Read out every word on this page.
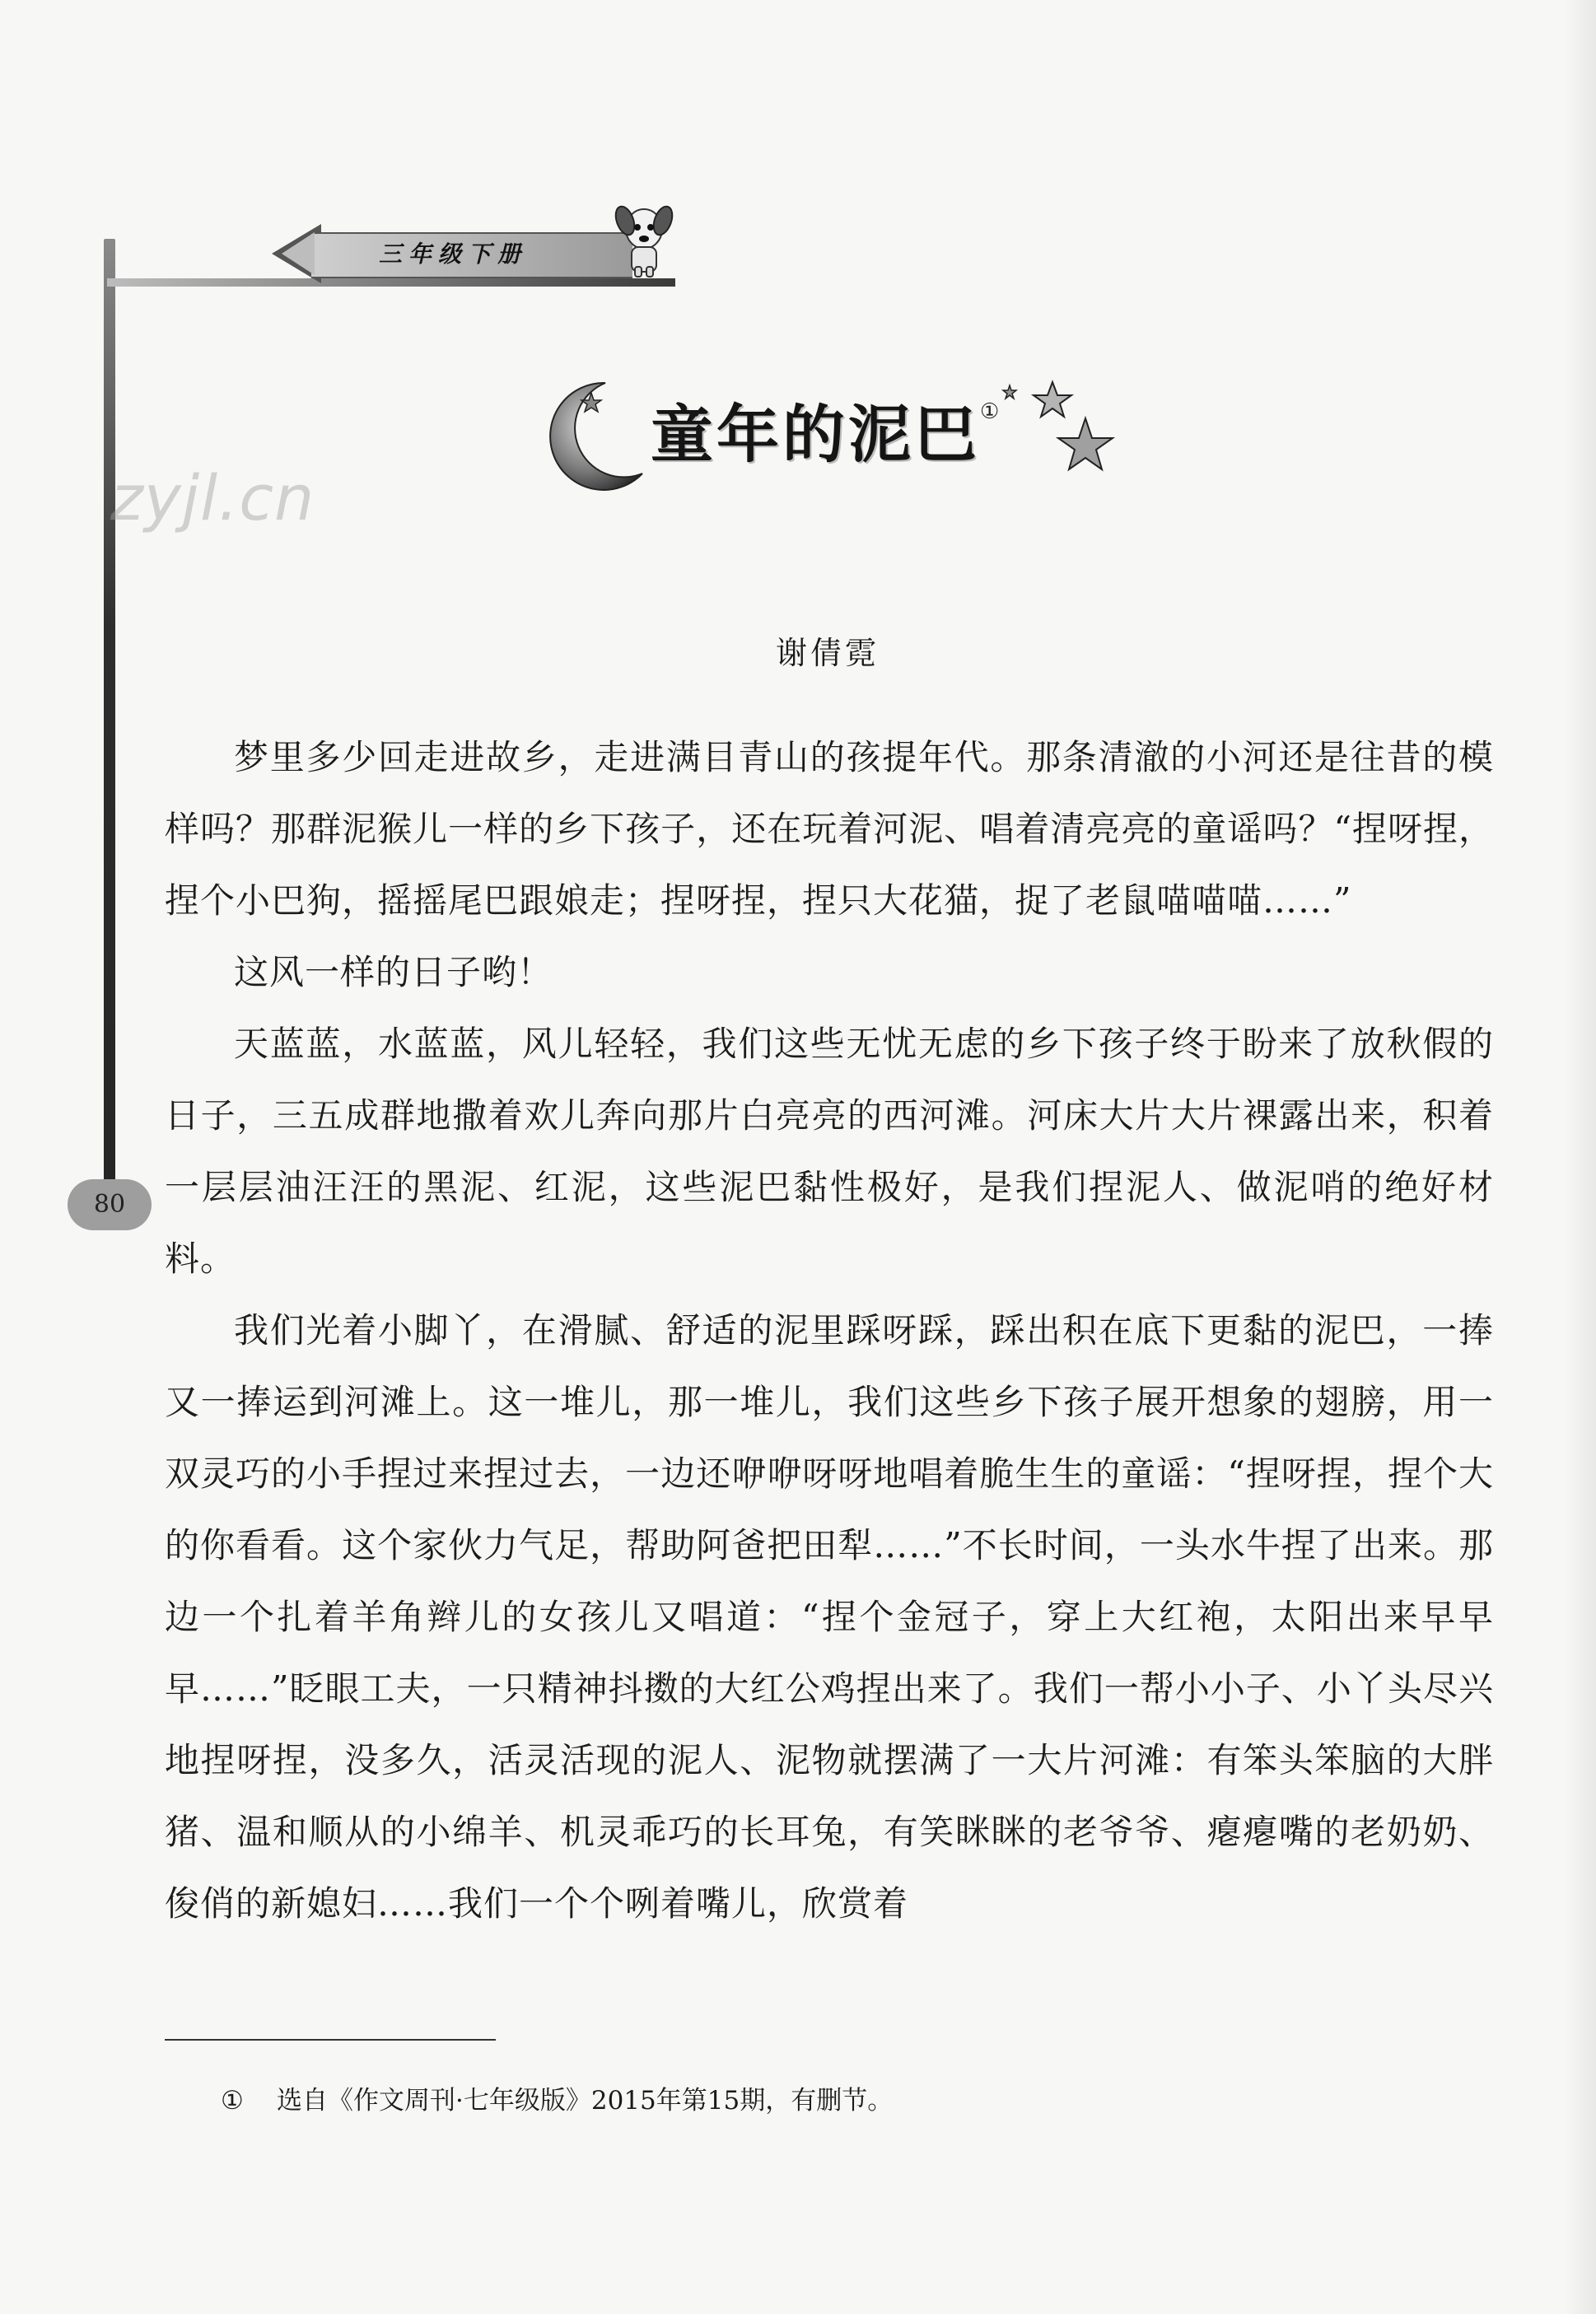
三年级下册
童年的泥巴 ①
zyjl.cn
谢倩霓

梦里多少回走进故乡，走进满目青山的孩提年代。那条清澈的小河还是往昔的模样吗？那群泥猴儿一样的乡下孩子，还在玩着河泥、唱着清亮亮的童谣吗？“捏呀捏，捏个小巴狗，摇摇尾巴跟娘走；捏呀捏，捏只大花猫，捉了老鼠喵喵喵……”

这风一样的日子哟！

天蓝蓝，水蓝蓝，风儿轻轻，我们这些无忧无虑的乡下孩子终于盼来了放秋假的日子，三五成群地撒着欢儿奔向那片白亮亮的西河滩。河床大片大片裸露出来，积着一层层油汪汪的黑泥、红泥，这些泥巴黏性极好，是我们捏泥人、做泥哨的绝好材料。

我们光着小脚丫，在滑腻、舒适的泥里踩呀踩，踩出积在底下更黏的泥巴，一捧又一捧运到河滩上。这一堆儿，那一堆儿，我们这些乡下孩子展开想象的翅膀，用一双灵巧的小手捏过来捏过去，一边还咿咿呀呀地唱着脆生生的童谣：“捏呀捏，捏个大的你看看。这个家伙力气足，帮助阿爸把田犁……”不长时间，一头水牛捏了出来。那边一个扎着羊角辫儿的女孩儿又唱道：“捏个金冠子，穿上大红袍，太阳出来早早早……”眨眼工夫，一只精神抖擞的大红公鸡捏出来了。我们一帮小小子、小丫头尽兴地捏呀捏，没多久，活灵活现的泥人、泥物就摆满了一大片河滩：有笨头笨脑的大胖猪、温和顺从的小绵羊、机灵乖巧的长耳兔，有笑眯眯的老爷爷、瘪瘪嘴的老奶奶、俊俏的新媳妇……我们一个个咧着嘴儿，欣赏着

80
① 选自《作文周刊·七年级版》2015年第15期，有删节。
